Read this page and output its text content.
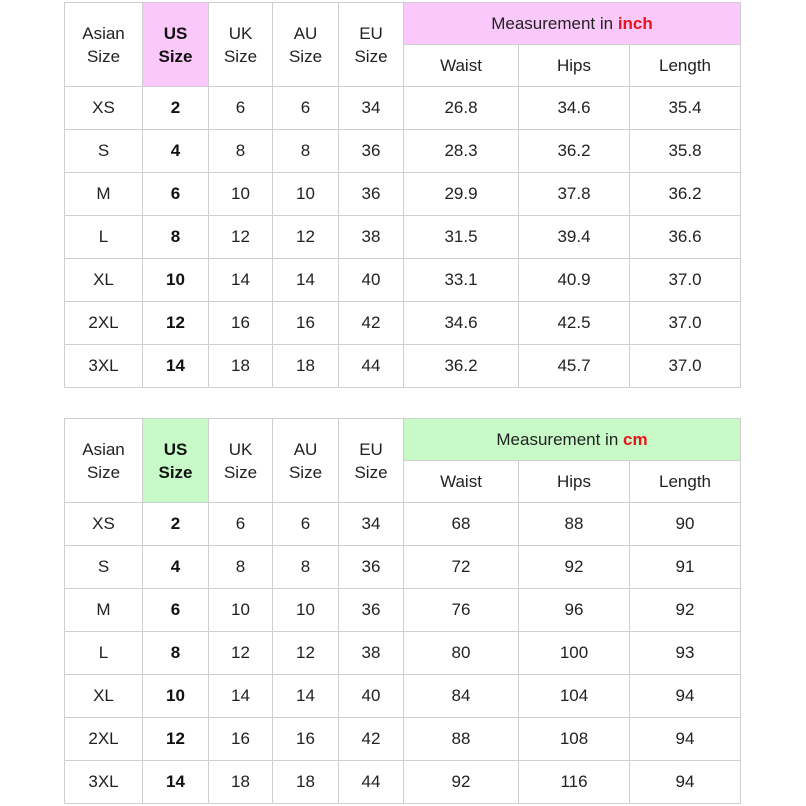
Asian Size	US Size	UK Size	AU Size	EU Size	Measurement in inch		
					Waist	Hips	Length
XS	2	6	6	34	26.8	34.6	35.4
S	4	8	8	36	28.3	36.2	35.8
M	6	10	10	36	29.9	37.8	36.2
L	8	12	12	38	31.5	39.4	36.6
XL	10	14	14	40	33.1	40.9	37.0
2XL	12	16	16	42	34.6	42.5	37.0
3XL	14	18	18	44	36.2	45.7	37.0
Asian Size	US Size	UK Size	AU Size	EU Size	Measurement in cm		
					Waist	Hips	Length
XS	2	6	6	34	68	88	90
S	4	8	8	36	72	92	91
M	6	10	10	36	76	96	92
L	8	12	12	38	80	100	93
XL	10	14	14	40	84	104	94
2XL	12	16	16	42	88	108	94
3XL	14	18	18	44	92	116	94
